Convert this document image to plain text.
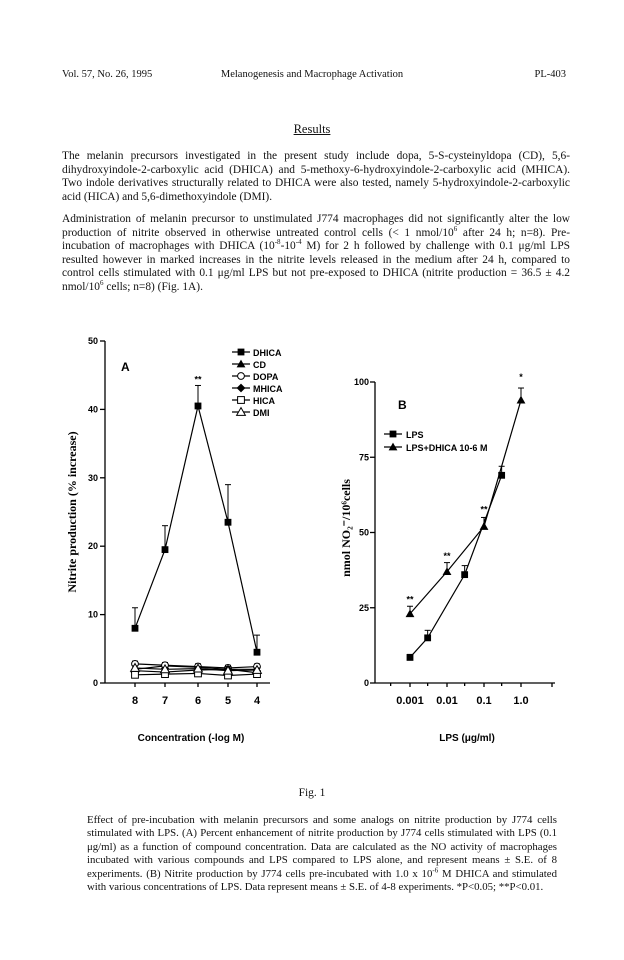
Vol. 57, No. 26, 1995	Melanogenesis and Macrophage Activation	PL-403
Results

The melanin precursors investigated in the present study include dopa, 5-S-cysteinyldopa (CD), 5,6-dihydroxyindole-2-carboxylic acid (DHICA) and 5-methoxy-6-hydroxyindole-2-carboxylic acid (MHICA). Two indole derivatives structurally related to DHICA were also tested, namely 5-hydroxyindole-2-carboxylic acid (HICA) and 5,6-dimethoxyindole (DMI).

Administration of melanin precursor to unstimulated J774 macrophages did not significantly alter the low production of nitrite observed in otherwise untreated control cells (< 1 nmol/$10^6$ after 24 h; n=8). Pre-incubation of macrophages with DHICA ($10^{-8}-10^{-4}$ M) for 2 h followed by challenge with 0.1 μg/ml LPS resulted however in marked increases in the nitrite levels released in the medium after 24 h, compared to control cells stimulated with 0.1 μg/ml LPS but not pre-exposed to DHICA (nitrite production = 36.5 ± 4.2 nmol/$10^6$ cells; n=8) (Fig. 1A).

0
10
20
30
40
50
8 7 6 5 4
Concentration (-log M)
Nitrite production (% increase)
A
DHICA
CD
DOPA
MHICA
HICA
DMI
**
0
25
50
75
100
0.001 0.01 0.1 1.0
LPS (μg/ml)
nmol NO₂⁻/10⁶cells
B
LPS
LPS+DHICA 10-6 M
**
**
**
*
Fig. 1

Effect of pre-incubation with melanin precursors and some analogs on nitrite production by J774 cells stimulated with LPS. (A) Percent enhancement of nitrite production by J774 cells stimulated with LPS (0.1 μg/ml) as a function of compound concentration. Data are calculated as the NO activity of macrophages incubated with various compounds and LPS compared to LPS alone, and represent means ± S.E. of 8 experiments. (B) Nitrite production by J774 cells pre-incubated with 1.0 x $10^{-6}$ M DHICA and stimulated with various concentrations of LPS. Data represent means ± S.E. of 4-8 experiments. *P<0.05; **P<0.01.
